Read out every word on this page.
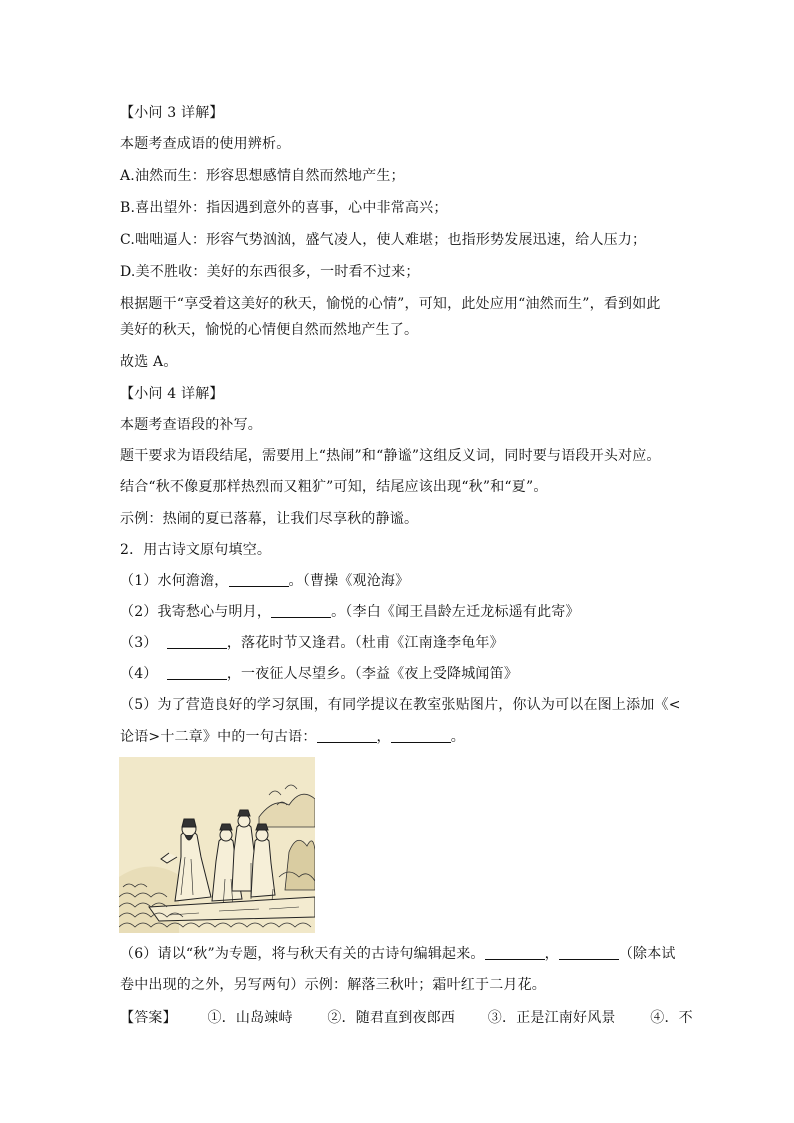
【小问 3 详解】
本题考查成语的使用辨析。
A.油然而生：形容思想感情自然而然地产生；
B.喜出望外：指因遇到意外的喜事，心中非常高兴；
C.咄咄逼人：形容气势汹汹，盛气凌人，使人难堪；也指形势发展迅速，给人压力；
D.美不胜收：美好的东西很多，一时看不过来；
根据题干“享受着这美好的秋天，愉悦的心情”，可知，此处应用“油然而生”，看到如此
美好的秋天，愉悦的心情便自然而然地产生了。
故选 A。
【小问 4 详解】
本题考查语段的补写。
题干要求为语段结尾，需要用上“热闹”和“静谧”这组反义词，同时要与语段开头对应。
结合“秋不像夏那样热烈而又粗犷”可知，结尾应该出现“秋”和“夏”。
示例：热闹的夏已落幕，让我们尽享秋的静谧。
2．用古诗文原句填空。
（1）水何澹澹，	。（曹操《观沧海》
（2）我寄愁心与明月，	。（李白《闻王昌龄左迁龙标遥有此寄》
（3）	，落花时节又逢君。（杜甫《江南逢李龟年》
（4）	，一夜征人尽望乡。（李益《夜上受降城闻笛》
（5）为了营造良好的学习氛围，有同学提议在教室张贴图片，你认为可以在图上添加《<
论语>十二章》中的一句古语：	，	。
（6）请以“秋”为专题，将与秋天有关的古诗句编辑起来。	，	（除本试
卷中出现的之外，另写两句）示例：解落三秋叶；霜叶红于二月花。
【答案】 ①．山岛竦峙 ②．随君直到夜郎西 ③．正是江南好风景 ④．不
